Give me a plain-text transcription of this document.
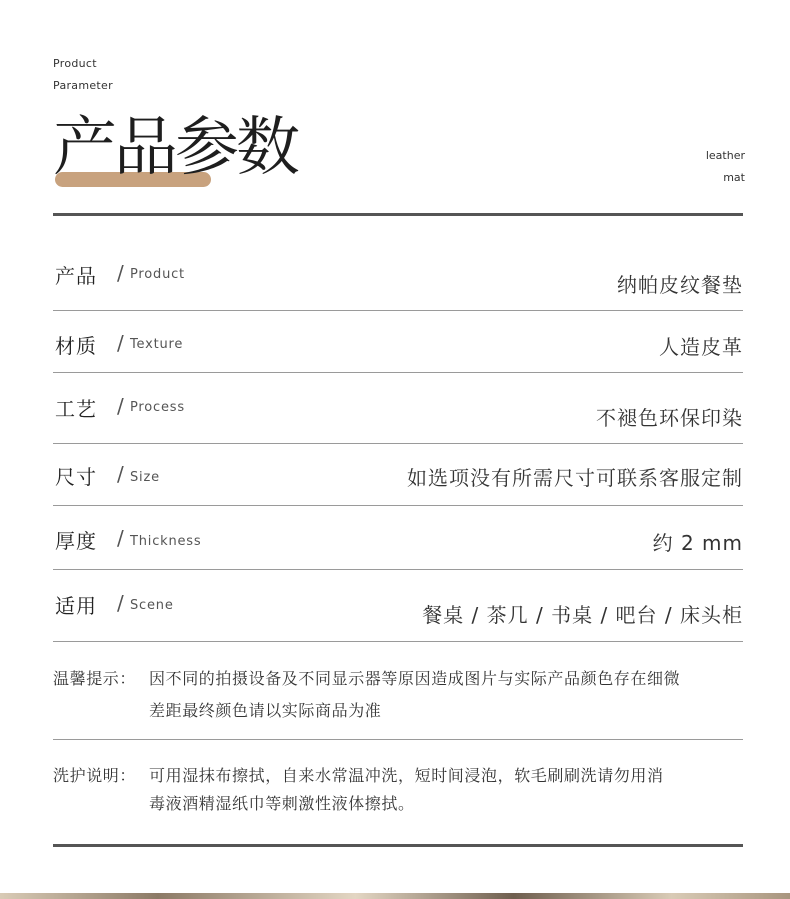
Product
Parameter
产品参数	leather
mat
产品 / Product	纳帕皮纹餐垫
材质 / Texture	人造皮革
工艺 / Process	不褪色环保印染
尺寸 / Size	如选项没有所需尺寸可联系客服定制
厚度 / Thickness	约 2 mm
适用 / Scene	餐桌 / 茶几 / 书桌 / 吧台 / 床头柜
温馨提示： 因不同的拍摄设备及不同显示器等原因造成图片与实际产品颜色存在细微
差距最终颜色请以实际商品为准
洗护说明： 可用湿抹布擦拭，自来水常温冲洗，短时间浸泡，软毛刷刷洗请勿用消
毒液酒精湿纸巾等刺激性液体擦拭。
